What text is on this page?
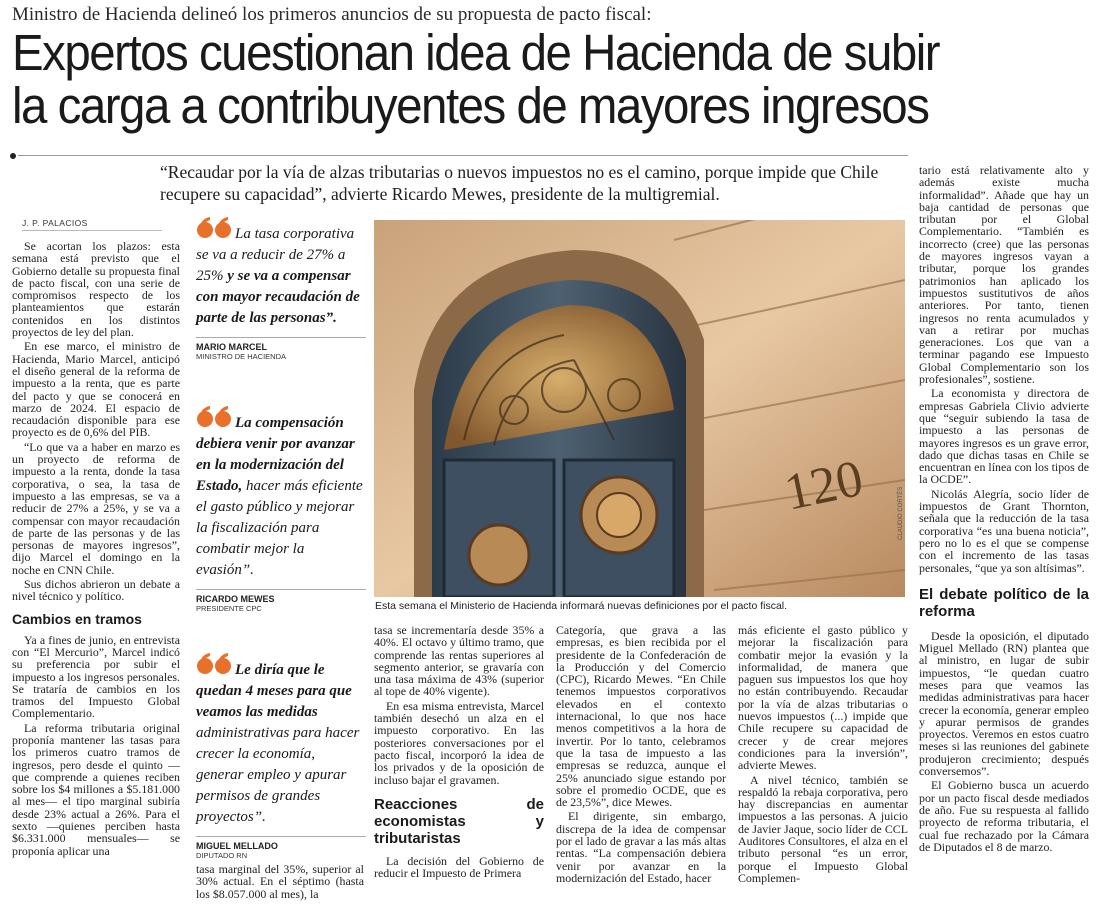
Ministro de Hacienda delineó los primeros anuncios de su propuesta de pacto fiscal:
Expertos cuestionan idea de Hacienda de subir
la carga a contribuyentes de mayores ingresos
“Recaudar por la vía de alzas tributarias o nuevos impuestos no es el camino, porque impide que Chile recupere su capacidad”, advierte Ricardo Mewes, presidente de la multigremial.
J. P. PALACIOS

Se acortan los plazos: esta semana está previsto que el Gobierno detalle su propuesta final de pacto fiscal, con una serie de compromisos respecto de los planteamientos que estarán contenidos en los distintos proyectos de ley del plan.

En ese marco, el ministro de Hacienda, Mario Marcel, anticipó el diseño general de la reforma de impuesto a la renta, que es parte del pacto y que se conocerá en marzo de 2024. El espacio de recaudación disponible para ese proyecto es de 0,6% del PIB.

“Lo que va a haber en marzo es un proyecto de reforma de impuesto a la renta, donde la tasa corporativa, o sea, la tasa de impuesto a las empresas, se va a reducir de 27% a 25%, y se va a compensar con mayor recaudación de parte de las personas y de las personas de mayores ingresos”, dijo Marcel el domingo en la noche en CNN Chile.

Sus dichos abrieron un debate a nivel técnico y político.

Cambios en tramos

Ya a fines de junio, en entrevista con “El Mercurio”, Marcel indicó su preferencia por subir el impuesto a los ingresos personales. Se trataría de cambios en los tramos del Impuesto Global Complementario.

La reforma tributaria original proponía mantener las tasas para los primeros cuatro tramos de ingresos, pero desde el quinto —que comprende a quienes reciben sobre los $4 millones a $5.181.000 al mes— el tipo marginal subiría desde 23% actual a 26%. Para el sexto —quienes perciben hasta $6.331.000 mensuales— se proponía aplicar una

La tasa corporativa se va a reducir de 27% a 25% y se va a compensar con mayor recaudación de parte de las personas”.
MARIO MARCEL
MINISTRO DE HACIENDA
La compensación debiera venir por avanzar en la modernización del Estado, hacer más eficiente el gasto público y mejorar la fiscalización para combatir mejor la evasión”.
RICARDO MEWES
PRESIDENTE CPC
Le diría que le quedan 4 meses para que veamos las medidas administrativas para hacer crecer la economía, generar empleo y apurar permisos de grandes proyectos”.
MIGUEL MELLADO
DIPUTADO RN

tasa marginal del 35%, superior al 30% actual. En el séptimo (hasta los $8.057.000 al mes), la

120
Esta semana el Ministerio de Hacienda informará nuevas definiciones por el pacto fiscal.
CLAUDIO CORTÉS

tasa se incrementaría desde 35% a 40%. El octavo y último tramo, que comprende las rentas superiores al segmento anterior, se gravaría con una tasa máxima de 43% (superior al tope de 40% vigente).

En esa misma entrevista, Marcel también desechó un alza en el impuesto corporativo. En las posteriores conversaciones por el pacto fiscal, incorporó la idea de los privados y de la oposición de incluso bajar el gravamen.

Reacciones de economistas y tributaristas

La decisión del Gobierno de reducir el Impuesto de Primera

Categoría, que grava a las empresas, es bien recibida por el presidente de la Confederación de la Producción y del Comercio (CPC), Ricardo Mewes. “En Chile tenemos impuestos corporativos elevados en el contexto internacional, lo que nos hace menos competitivos a la hora de invertir. Por lo tanto, celebramos que la tasa de impuesto a las empresas se reduzca, aunque el 25% anunciado sigue estando por sobre el promedio OCDE, que es de 23,5%”, dice Mewes.

El dirigente, sin embargo, discrepa de la idea de compensar por el lado de gravar a las más altas rentas. “La compensación debiera venir por avanzar en la modernización del Estado, hacer

más eficiente el gasto público y mejorar la fiscalización para combatir mejor la evasión y la informalidad, de manera que paguen sus impuestos los que hoy no están contribuyendo. Recaudar por la vía de alzas tributarias o nuevos impuestos (...) impide que Chile recupere su capacidad de crecer y de crear mejores condiciones para la inversión”, advierte Mewes.

A nivel técnico, también se respaldó la rebaja corporativa, pero hay discrepancias en aumentar impuestos a las personas. A juicio de Javier Jaque, socio líder de CCL Auditores Consultores, el alza en el tributo personal “es un error, porque el Impuesto Global Complemen-

tario está relativamente alto y además existe mucha informalidad”. Añade que hay un baja cantidad de personas que tributan por el Global Complementario. “También es incorrecto (cree) que las personas de mayores ingresos vayan a tributar, porque los grandes patrimonios han aplicado los impuestos sustitutivos de años anteriores. Por tanto, tienen ingresos no renta acumulados y van a retirar por muchas generaciones. Los que van a terminar pagando ese Impuesto Global Complementario son los profesionales”, sostiene.

La economista y directora de empresas Gabriela Clivio advierte que “seguir subiendo la tasa de impuesto a las personas de mayores ingresos es un grave error, dado que dichas tasas en Chile se encuentran en línea con los tipos de la OCDE”.

Nicolás Alegría, socio líder de impuestos de Grant Thornton, señala que la reducción de la tasa corporativa “es una buena noticia”, pero no lo es el que se compense con el incremento de las tasas personales, “que ya son altísimas”.

El debate político de la reforma

Desde la oposición, el diputado Miguel Mellado (RN) plantea que al ministro, en lugar de subir impuestos, “le quedan cuatro meses para que veamos las medidas administrativas para hacer crecer la economía, generar empleo y apurar permisos de grandes proyectos. Veremos en estos cuatro meses si las reuniones del gabinete produjeron crecimiento; después conversemos”.

El Gobierno busca un acuerdo por un pacto fiscal desde mediados de año. Fue su respuesta al fallido proyecto de reforma tributaria, el cual fue rechazado por la Cámara de Diputados el 8 de marzo.
